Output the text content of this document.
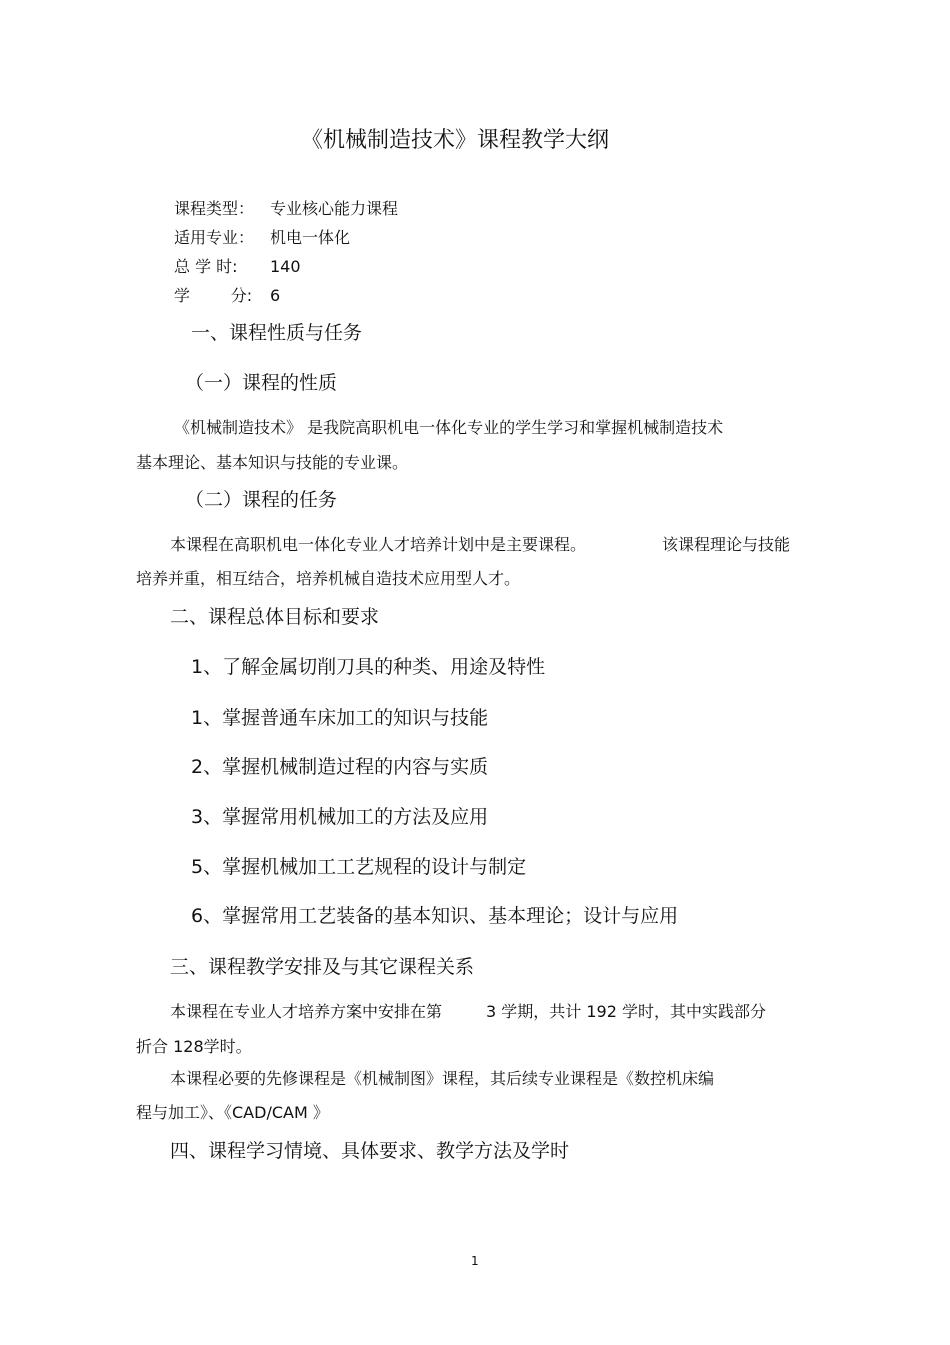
《机械制造技术》课程教学大纲
课程类型： 专业核心能力课程
适用专业： 机电一体化
总 学 时: 140
学        分: 6
一、课程性质与任务
（一）课程的性质
《机械制造技术》 是我院高职机电一体化专业的学生学习和掌握机械制造技术
基本理论、基本知识与技能的专业课。
（二）课程的任务
本课程在高职机电一体化专业人才培养计划中是主要课程。	该课程理论与技能
培养并重，相互结合，培养机械自造技术应用型人才。
二、课程总体目标和要求
1、了解金属切削刀具的种类、用途及特性
1、掌握普通车床加工的知识与技能
2、掌握机械制造过程的内容与实质
3、掌握常用机械加工的方法及应用
5、掌握机械加工工艺规程的设计与制定
6、掌握常用工艺装备的基本知识、基本理论；设计与应用
三、课程教学安排及与其它课程关系
本课程在专业人才培养方案中安排在第	3 学期，共计 192 学时，其中实践部分
折合 128学时。
本课程必要的先修课程是《机械制图》课程，其后续专业课程是《数控机床编
程与加工》、《CAD/CAM 》
四、课程学习情境、具体要求、教学方法及学时
1
